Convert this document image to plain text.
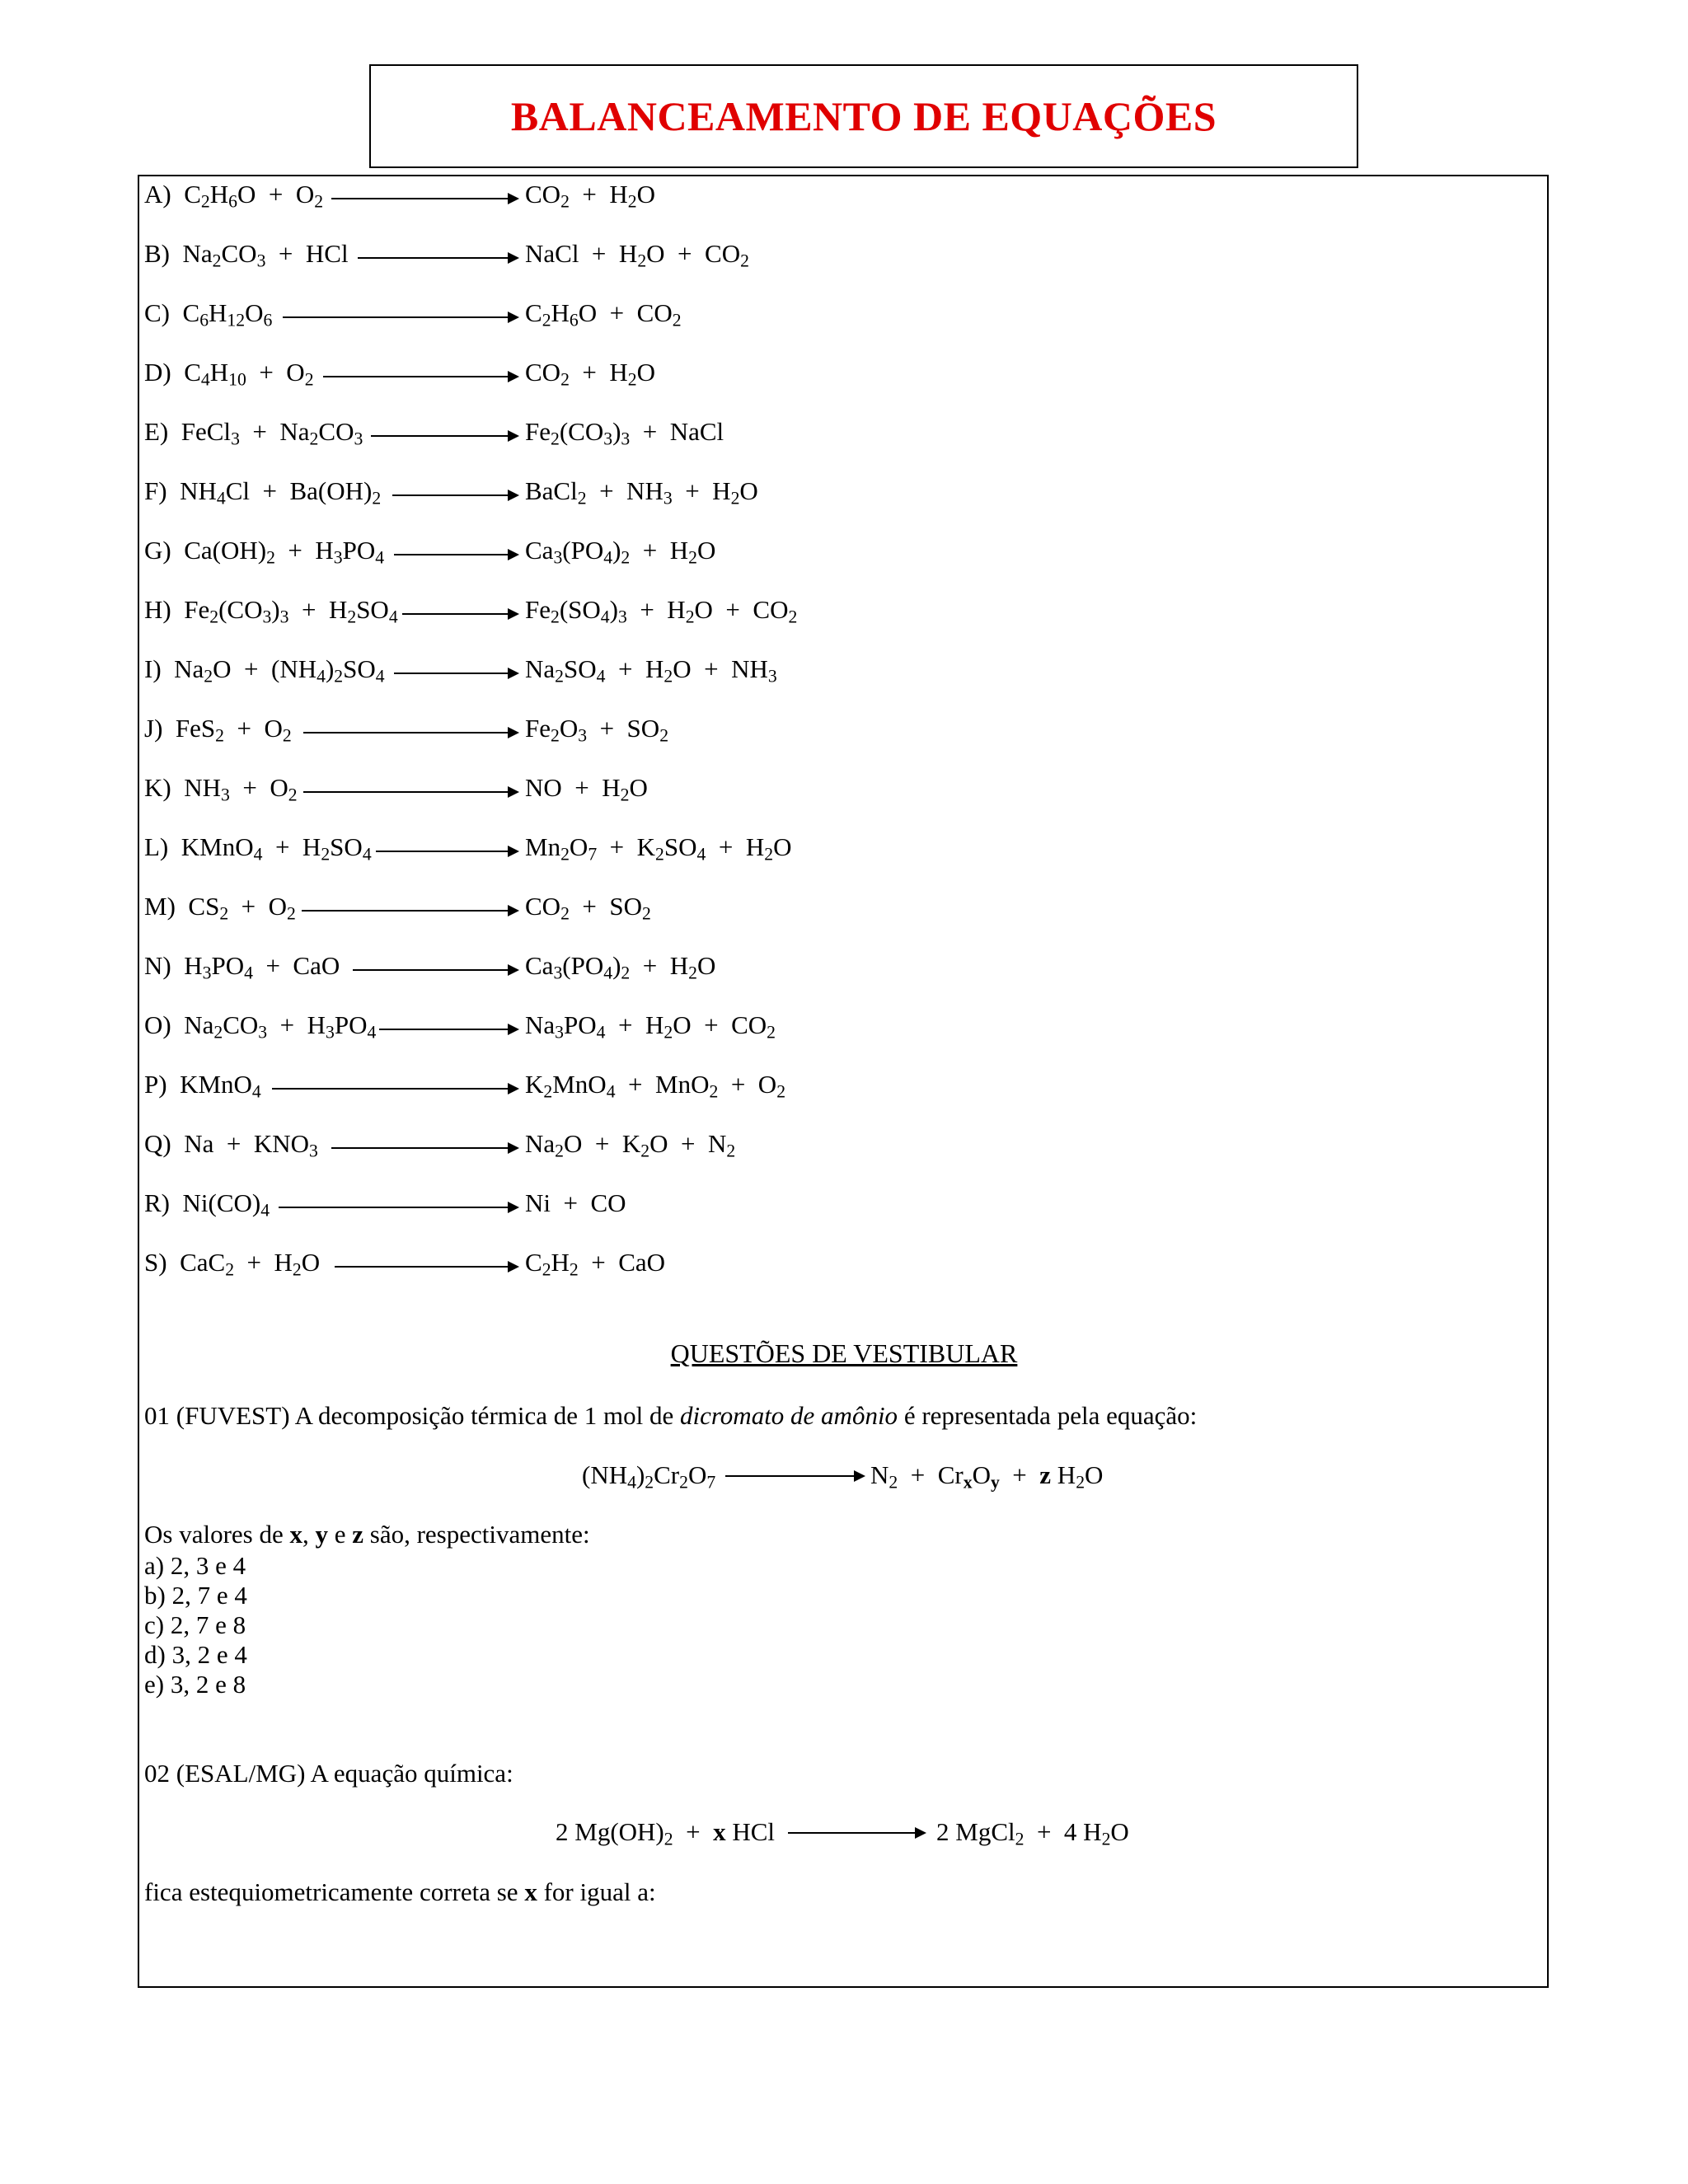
BALANCEAMENTO DE EQUAÇÕES
A)  $C_2H_6O + O_2$	$CO_2 + H_2O$
B)  $Na_2CO_3$  +  HCl	NaCl  +  $H_2O + CO_2$
C)  $C_6H_{12}O_6$	$C_2H_6O + CO_2$
D)  $C_4H_{10} + O_2$	$CO_2 + H_2O$
E)  FeCl$_3$  +  $Na_2CO_3$	$Fe_2(CO_3)_3$  +  NaCl
F)  $NH_4Cl + Ba(OH)_2$	BaCl$_2$  +  $NH_3 + H_2O$
G)  $Ca(OH)_2 + H_3PO_4$	$Ca_3(PO_4)_2 + H_2O$
H)  $Fe_2(CO_3)_3 + H_2SO_4$	$Fe_2(SO_4)_3 + H_2O + CO_2$
I)  $Na_2O + (NH_4)_2SO_4$	$Na_2SO_4 + H_2O + NH_3$
J)  $FeS_2 + O_2$	$Fe_2O_3 + SO_2$
K)  $NH_3 + O_2$	NO  +  $H_2O$
L)  KMnO$_4$  +  $H_2SO_4$	$Mn_2O_7 + K_2SO_4 + H_2O$
M)  $CS_2 + O_2$	$CO_2 + SO_2$
N)  $H_3PO_4$  +  CaO	$Ca_3(PO_4)_2 + H_2O$
O)  $Na_2CO_3 + H_3PO_4$	$Na_3PO_4 + H_2O + CO_2$
P)  KMnO$_4$	$K_2MnO_4 + MnO_2 + O_2$
Q)  $Na + KNO_3$	$Na_2O + K_2O + N_2$
R)  $Ni(CO)_4$	Ni  +  CO
S)  $CaC_2 + H_2O$	$C_2H_2$  +  CaO
QUESTÕES DE VESTIBULAR
01 (FUVEST) A decomposição térmica de 1 mol de dicromato de amônio é representada pela equação:
$(NH_4)_2Cr_2O_7$	$N_2 + Cr_xO_y + z$ $H_2O$
Os valores de x, y e z são, respectivamente:
a) 2, 3 e 4
b) 2, 7 e 4
c) 2, 7 e 8
d) 3, 2 e 4
e) 3, 2 e 8
02 (ESAL/MG) A equação química:
2 $Mg(OH)_2 + x$ HCl	2 MgCl$_2$  +  4 $H_2O$
fica estequiometricamente correta se x for igual a:
